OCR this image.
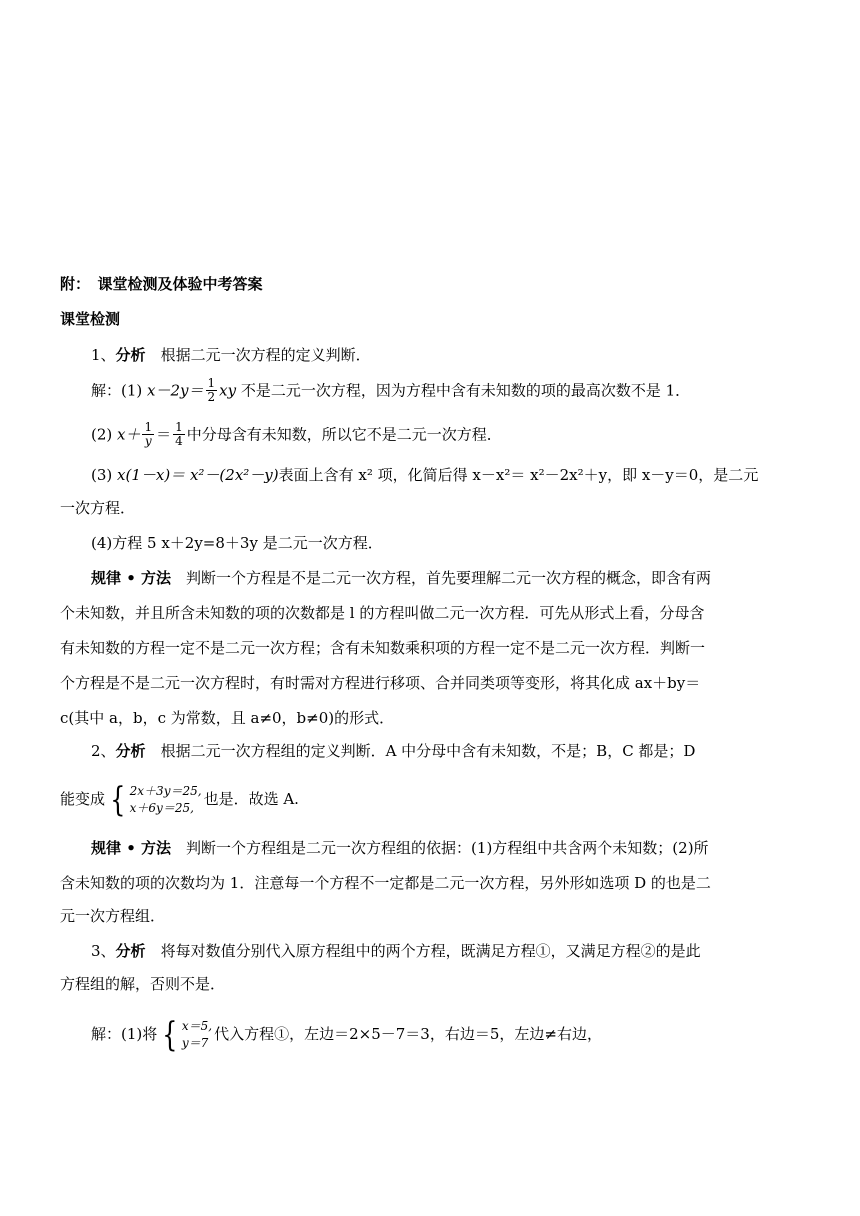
附：　课堂检测及体验中考答案
课堂检测
1、分析　根据二元一次方程的定义判断．
解：(1) $x-2y= \frac{1}{2}$ xy 不是二元一次方程，因为方程中含有未知数的项的最高次数不是 1．
(2) $x+ \frac{1}{y} = \frac{1}{4}$ 中分母含有未知数，所以它不是二元一次方程．
(3) x(1－x)＝ x²－(2x²－y)表面上含有 x² 项，化简后得 x－x²＝ x²－2x²＋y，即 x－y＝0，是二元
一次方程．
(4)方程 5 x＋2y=8＋3y 是二元一次方程．
规律 • 方法　判断一个方程是不是二元一次方程，首先要理解二元一次方程的概念，即含有两
个未知数，并且所含未知数的项的次数都是 l 的方程叫做二元一次方程．可先从形式上看，分母含
有未知数的方程一定不是二元一次方程；含有未知数乘积项的方程一定不是二元一次方程．判断一
个方程是不是二元一次方程时，有时需对方程进行移项、合并同类项等变形，将其化成 ax＋by＝
c(其中 a，b，c 为常数，且 a≠0，b≠0)的形式．
2、分析　根据二元一次方程组的定义判断．A 中分母中含有未知数，不是；B，C 都是；D
能变成 { 2x＋3y＝25,
x＋6y＝25, 也是．故选 A.
规律 • 方法　判断一个方程组是二元一次方程组的依据：(1)方程组中共含两个未知数；(2)所
含未知数的项的次数均为 1．注意每一个方程不一定都是二元一次方程，另外形如选项 D 的也是二
元一次方程组．
3、分析　将每对数值分别代入原方程组中的两个方程，既满足方程①，又满足方程②的是此
方程组的解，否则不是．
解：(1)将 { x＝5,
y＝7 代入方程①，左边＝2×5－7＝3，右边＝5，左边≠右边，
